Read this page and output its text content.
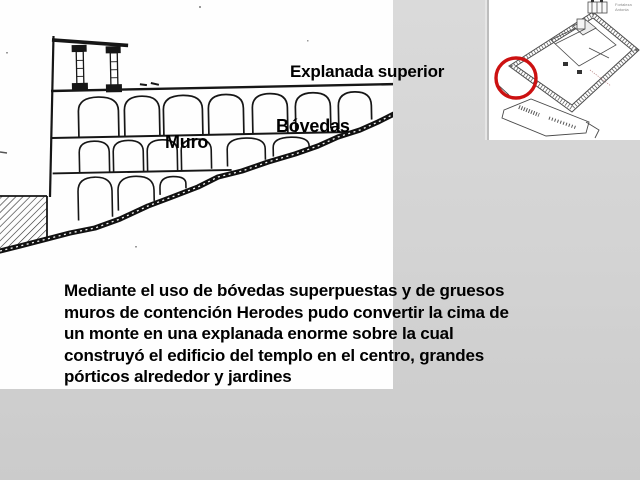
Explanada superior
Bóvedas
Muro
Mediante el uso de bóvedas superpuestas y de gruesos
muros de contención Herodes pudo convertir la cima de
un monte en una explanada enorme sobre la cual
construyó el edificio del templo en el centro, grandes
pórticos alrededor y jardines
Fortaleza
Antonia
